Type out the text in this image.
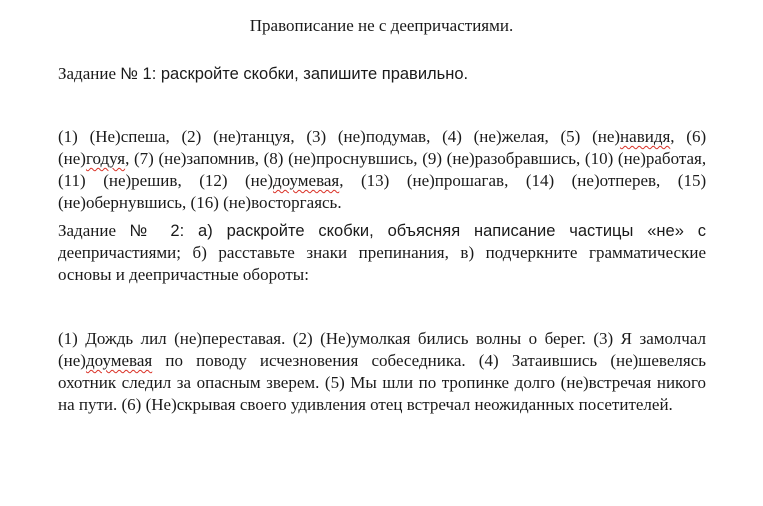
Правописание не с деепричастиями.
Задание № 1: раскройте скобки, запишите правильно.

(1) (Не)спеша, (2) (не)танцуя, (3) (не)подумав, (4) (не)желая, (5) (не)навидя, (6) (не)годуя, (7) (не)запомнив, (8) (не)проснувшись, (9) (не)разобравшись, (10) (не)работая, (11) (не)решив, (12) (не)доумевая, (13) (не)прошагав, (14) (не)отперев, (15) (не)обернувшись, (16) (не)восторгаясь.

Задание № 2: а) раскройте скобки, объясняя написание частицы «не» с деепричастиями; б) расставьте знаки препинания, в) подчеркните грамматические основы и деепричастные обороты:

(1) Дождь лил (не)переставая. (2) (Не)умолкая бились волны о берег. (3) Я замолчал (не)доумевая по поводу исчезновения собеседника. (4) Затаившись (не)шевелясь охотник следил за опасным зверем. (5) Мы шли по тропинке долго (не)встречая никого на пути. (6) (Не)скрывая своего удивления отец встречал неожиданных посетителей.
